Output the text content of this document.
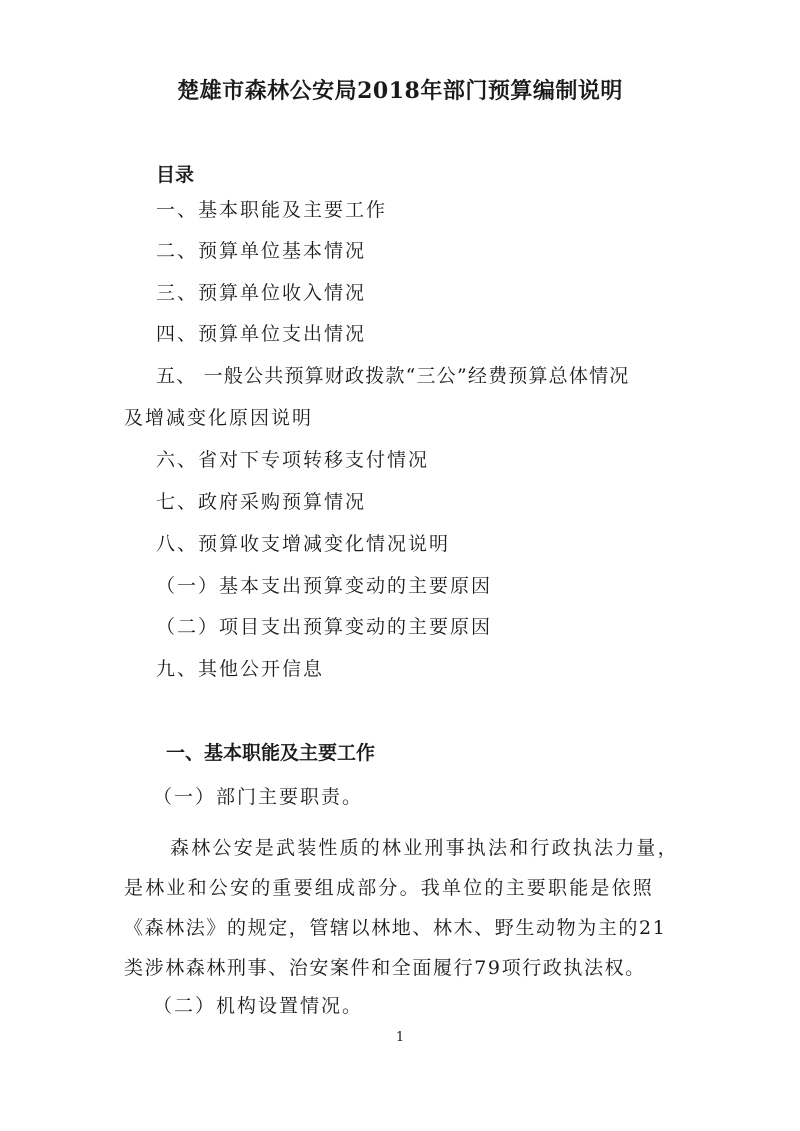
楚雄市森林公安局2018年部门预算编制说明
目录
一、基本职能及主要工作
二、预算单位基本情况
三、预算单位收入情况
四、预算单位支出情况
五、 一般公共预算财政拨款“三公”经费预算总体情况
及增减变化原因说明
六、省对下专项转移支付情况
七、政府采购预算情况
八、预算收支增减变化情况说明
（一）基本支出预算变动的主要原因
（二）项目支出预算变动的主要原因
九、其他公开信息
一、基本职能及主要工作
（一）部门主要职责。
森林公安是武装性质的林业刑事执法和行政执法力量，
是林业和公安的重要组成部分。我单位的主要职能是依照
《森林法》的规定，管辖以林地、林木、野生动物为主的21
类涉林森林刑事、治安案件和全面履行79项行政执法权。
（二）机构设置情况。
1
